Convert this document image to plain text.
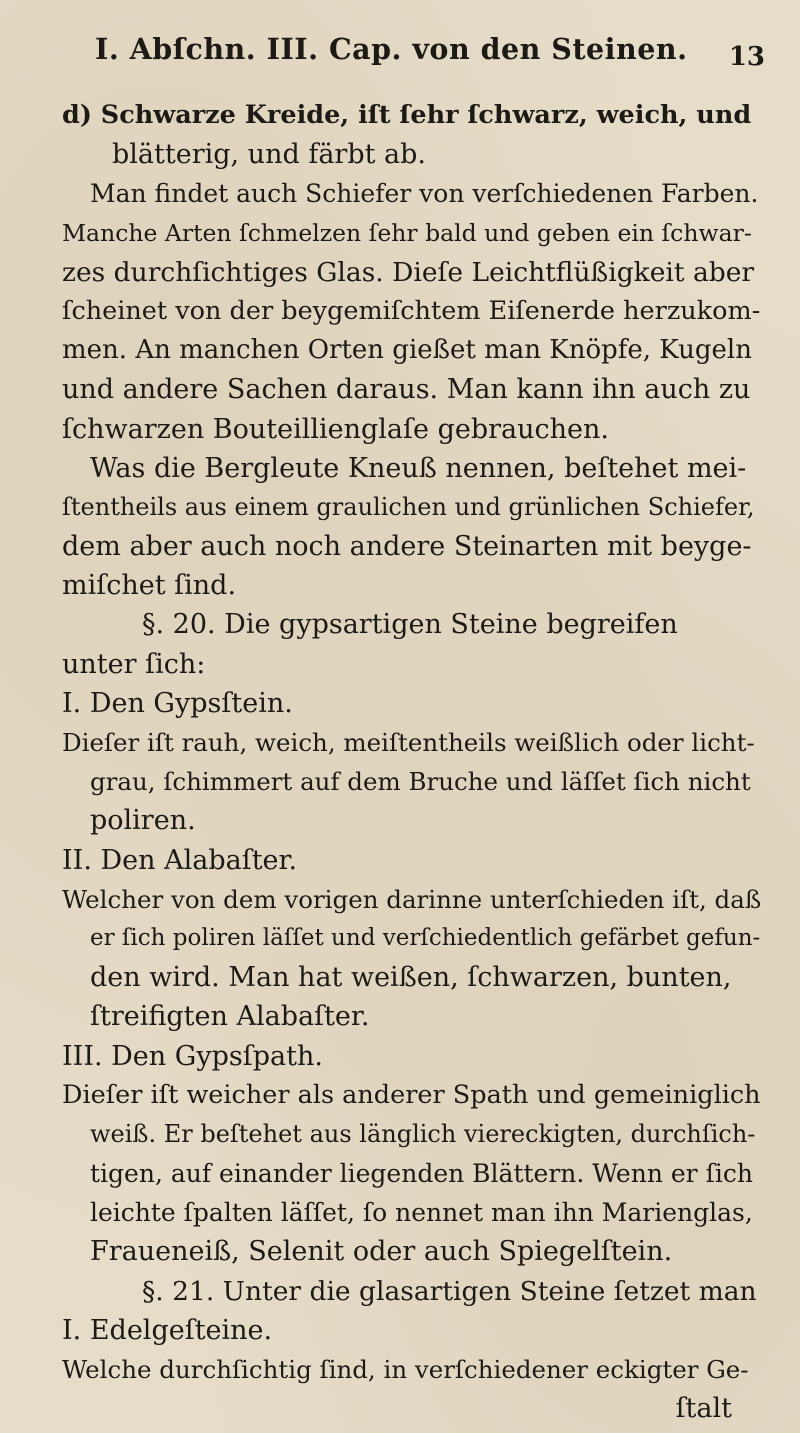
I. Abſchn. III. Cap. von den Steinen. 13
d) Schwarze Kreide, iſt ſehr ſchwarz, weich, und
blätterig, und färbt ab.
Man findet auch Schiefer von verſchiedenen Farben.
Manche Arten ſchmelzen ſehr bald und geben ein ſchwar-
zes durchſichtiges Glas. Dieſe Leichtflüßigkeit aber
ſcheinet von der beygemiſchtem Eiſenerde herzukom-
men. An manchen Orten gießet man Knöpfe, Kugeln
und andere Sachen daraus. Man kann ihn auch zu
ſchwarzen Bouteillienglaſe gebrauchen.
Was die Bergleute Kneuß nennen, beſtehet mei-
ſtentheils aus einem graulichen und grünlichen Schiefer,
dem aber auch noch andere Steinarten mit beyge-
miſchet ſind.
§. 20. Die gypsartigen Steine begreifen
unter ſich:
I. Den Gypsſtein.
Dieſer iſt rauh, weich, meiſtentheils weißlich oder licht-
grau, ſchimmert auf dem Bruche und läſſet ſich nicht
poliren.
II. Den Alabaſter.
Welcher von dem vorigen darinne unterſchieden iſt, daß
er ſich poliren läſſet und verſchiedentlich gefärbet gefun-
den wird. Man hat weißen, ſchwarzen, bunten,
ſtreifigten Alabaſter.
III. Den Gypsſpath.
Dieſer iſt weicher als anderer Spath und gemeiniglich
weiß. Er beſtehet aus länglich viereckigten, durchſich-
tigen, auf einander liegenden Blättern. Wenn er ſich
leichte ſpalten läſſet, ſo nennet man ihn Marienglas,
Fraueneiß, Selenit oder auch Spiegelſtein.
§. 21. Unter die glasartigen Steine ſetzet man
I. Edelgeſteine.
Welche durchſichtig ſind, in verſchiedener eckigter Ge-
ſtalt
